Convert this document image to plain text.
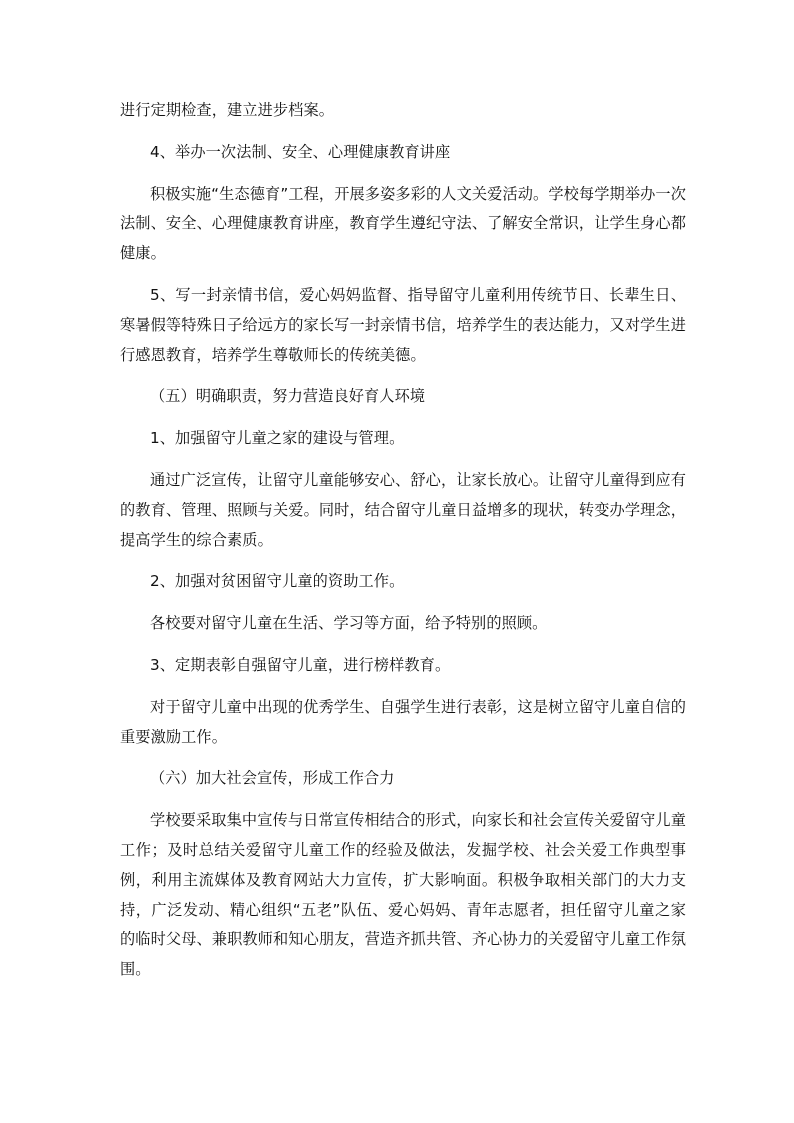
进行定期检查，建立进步档案。

4、举办一次法制、安全、心理健康教育讲座

积极实施“生态德育”工程，开展多姿多彩的人文关爱活动。学校每学期举办一次法制、安全、心理健康教育讲座，教育学生遵纪守法、了解安全常识，让学生身心都健康。

5、写一封亲情书信，爱心妈妈监督、指导留守儿童利用传统节日、长辈生日、寒暑假等特殊日子给远方的家长写一封亲情书信，培养学生的表达能力，又对学生进行感恩教育，培养学生尊敬师长的传统美德。

（五）明确职责，努力营造良好育人环境

1、加强留守儿童之家的建设与管理。

通过广泛宣传，让留守儿童能够安心、舒心，让家长放心。让留守儿童得到应有的教育、管理、照顾与关爱。同时，结合留守儿童日益增多的现状，转变办学理念，提高学生的综合素质。

2、加强对贫困留守儿童的资助工作。

各校要对留守儿童在生活、学习等方面，给予特别的照顾。

3、定期表彰自强留守儿童，进行榜样教育。

对于留守儿童中出现的优秀学生、自强学生进行表彰，这是树立留守儿童自信的重要激励工作。

（六）加大社会宣传，形成工作合力

学校要采取集中宣传与日常宣传相结合的形式，向家长和社会宣传关爱留守儿童工作；及时总结关爱留守儿童工作的经验及做法，发掘学校、社会关爱工作典型事例，利用主流媒体及教育网站大力宣传，扩大影响面。积极争取相关部门的大力支持，广泛发动、精心组织“五老”队伍、爱心妈妈、青年志愿者，担任留守儿童之家的临时父母、兼职教师和知心朋友，营造齐抓共管、齐心协力的关爱留守儿童工作氛围。
